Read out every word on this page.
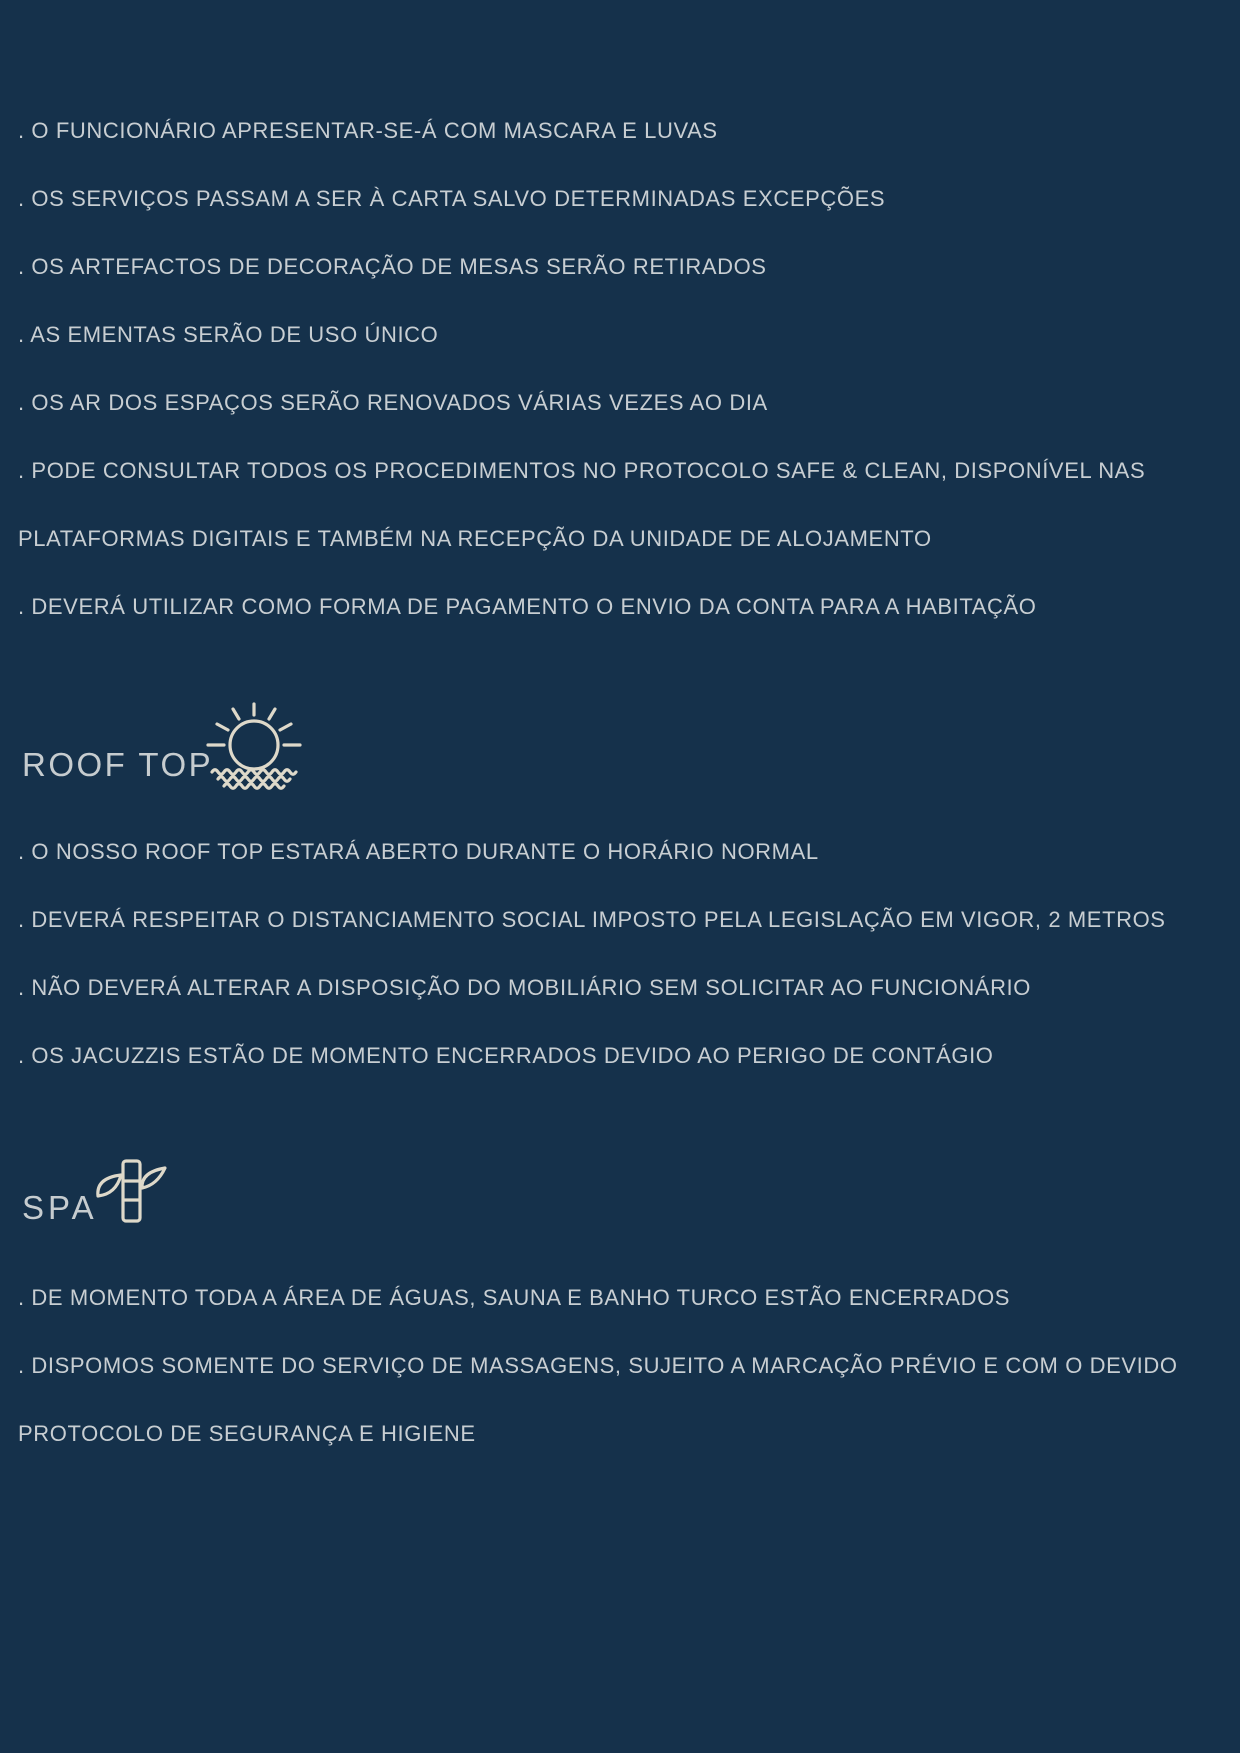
. O FUNCIONÁRIO APRESENTAR-SE-Á COM MASCARA E LUVAS
. OS SERVIÇOS PASSAM A SER À CARTA SALVO DETERMINADAS EXCEPÇÕES
. OS ARTEFACTOS DE DECORAÇÃO DE MESAS SERÃO RETIRADOS
. AS EMENTAS SERÃO DE USO ÚNICO
. OS AR DOS ESPAÇOS SERÃO RENOVADOS VÁRIAS VEZES AO DIA
. PODE CONSULTAR TODOS OS PROCEDIMENTOS NO PROTOCOLO SAFE & CLEAN, DISPONÍVEL NAS
PLATAFORMAS DIGITAIS E TAMBÉM NA RECEPÇÃO DA UNIDADE DE ALOJAMENTO
. DEVERÁ UTILIZAR COMO FORMA DE PAGAMENTO O ENVIO DA CONTA PARA A HABITAÇÃO
ROOF TOP
. O NOSSO ROOF TOP ESTARÁ ABERTO DURANTE O HORÁRIO NORMAL
. DEVERÁ RESPEITAR O DISTANCIAMENTO SOCIAL IMPOSTO PELA LEGISLAÇÃO EM VIGOR, 2 METROS
. NÃO DEVERÁ ALTERAR A DISPOSIÇÃO DO MOBILIÁRIO SEM SOLICITAR AO FUNCIONÁRIO
. OS JACUZZIS ESTÃO DE MOMENTO ENCERRADOS DEVIDO AO PERIGO DE CONTÁGIO
SPA
. DE MOMENTO TODA A ÁREA DE ÁGUAS, SAUNA E BANHO TURCO ESTÃO ENCERRADOS
. DISPOMOS SOMENTE DO SERVIÇO DE MASSAGENS, SUJEITO A MARCAÇÃO PRÉVIO E COM O DEVIDO
PROTOCOLO DE SEGURANÇA E HIGIENE
